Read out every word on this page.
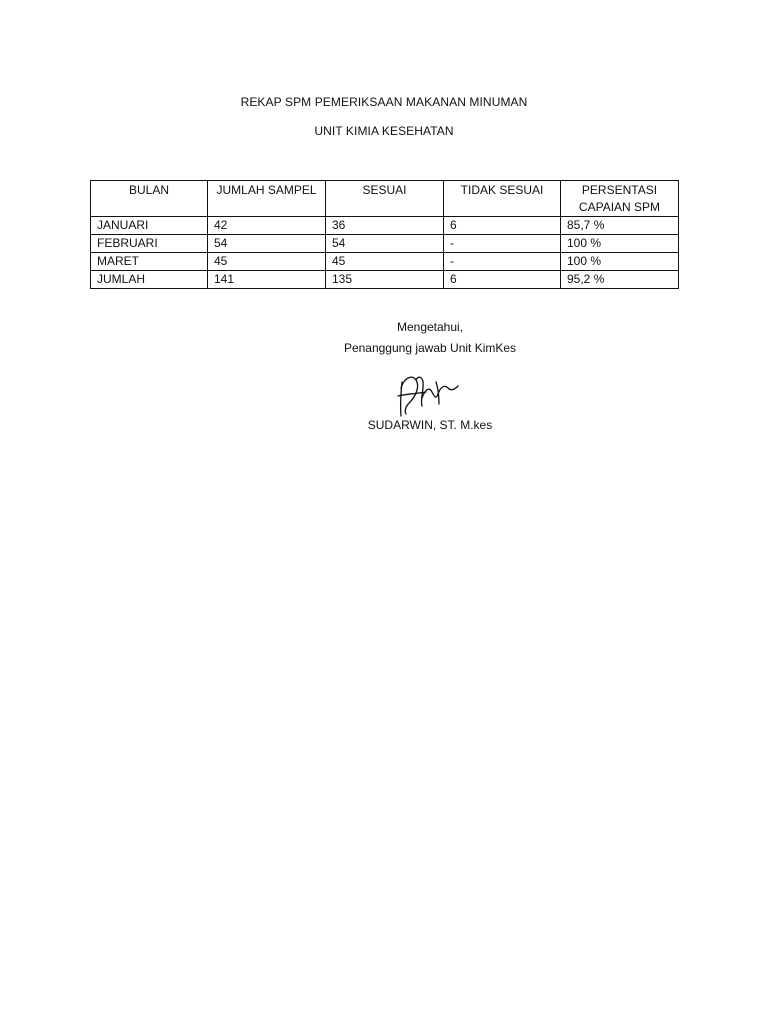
REKAP SPM PEMERIKSAAN MAKANAN MINUMAN
UNIT KIMIA KESEHATAN
BULAN	JUMLAH SAMPEL	SESUAI	TIDAK SESUAI	PERSENTASI
CAPAIAN SPM
JANUARI	42	36	6	85,7 %
FEBRUARI	54	54	-	100 %
MARET	45	45	-	100 %
JUMLAH	141	135	6	95,2 %
Mengetahui,
Penanggung jawab Unit KimKes
SUDARWIN, ST. M.kes
